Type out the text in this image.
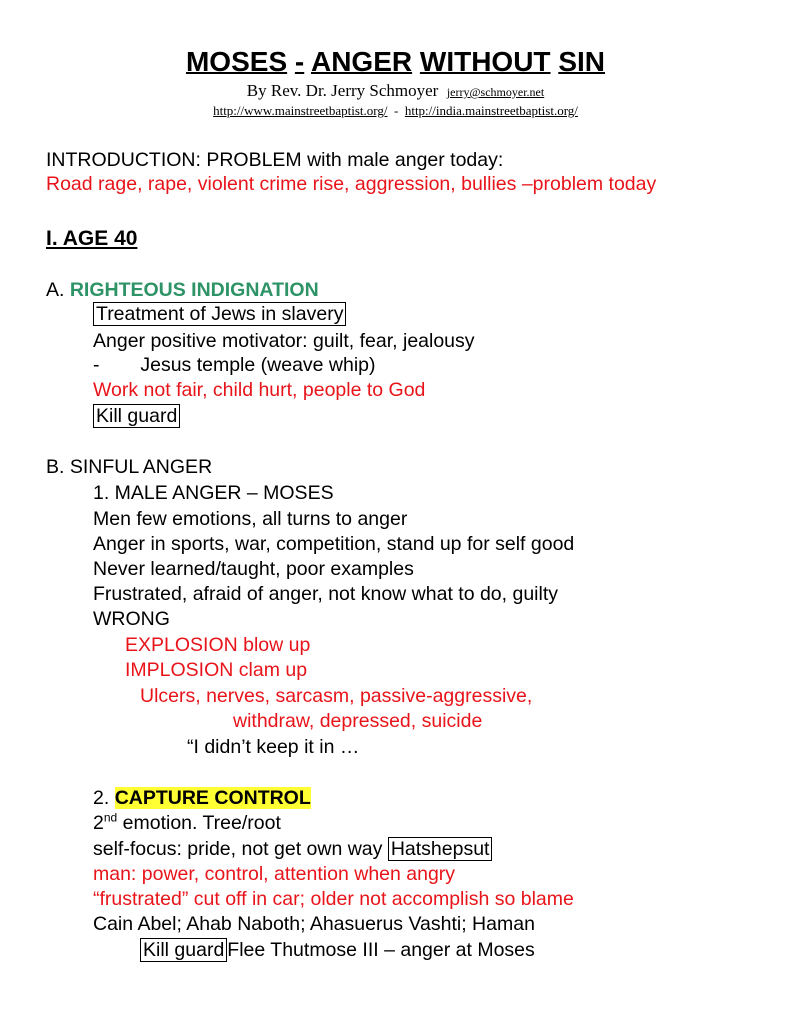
MOSES - ANGER WITHOUT SIN
By Rev. Dr. Jerry Schmoyer jerry@schmoyer.net
http://www.mainstreetbaptist.org/ - http://india.mainstreetbaptist.org/
INTRODUCTION: PROBLEM with male anger today:
Road rage, rape, violent crime rise, aggression, bullies –problem today
I. AGE 40
A. RIGHTEOUS INDIGNATION
Treatment of Jews in slavery
Anger positive motivator: guilt, fear, jealousy
- Jesus temple (weave whip)
Work not fair, child hurt, people to God
Kill guard
B. SINFUL ANGER
1. MALE ANGER – MOSES
Men few emotions, all turns to anger
Anger in sports, war, competition, stand up for self good
Never learned/taught, poor examples
Frustrated, afraid of anger, not know what to do, guilty
WRONG
EXPLOSION blow up
IMPLOSION clam up
Ulcers, nerves, sarcasm, passive-aggressive,
withdraw, depressed, suicide
“I didn’t keep it in …
2. CAPTURE CONTROL
2nd emotion. Tree/root
self-focus: pride, not get own way Hatshepsut
man: power, control, attention when angry
“frustrated” cut off in car; older not accomplish so blame
Cain Abel; Ahab Naboth; Ahasuerus Vashti; Haman
Kill guard Flee Thutmose III – anger at Moses
